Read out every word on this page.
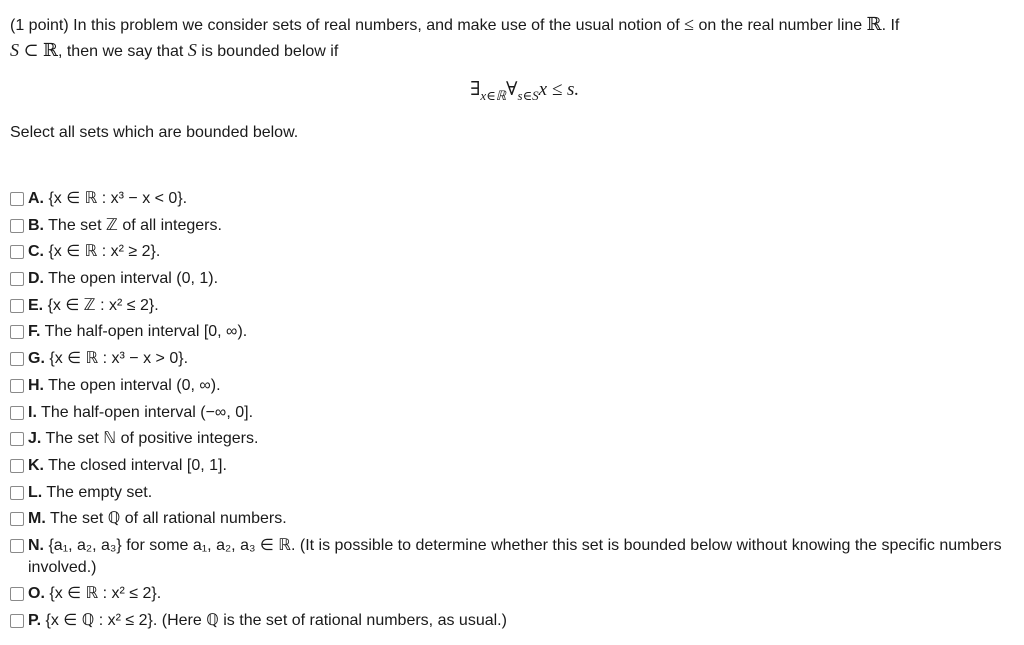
(1 point) In this problem we consider sets of real numbers, and make use of the usual notion of ≤ on the real number line ℝ. If
S ⊂ ℝ, then we say that S is bounded below if
$\exists_{x\in ℝ}\forall_{s\in S}x \le s$.
Select all sets which are bounded below.
A. {x ∈ ℝ : x³ − x < 0}.
B. The set ℤ of all integers.
C. {x ∈ ℝ : x² ≥ 2}.
D. The open interval (0, 1).
E. {x ∈ ℤ : x² ≤ 2}.
F. The half-open interval [0, ∞).
G. {x ∈ ℝ : x³ − x > 0}.
H. The open interval (0, ∞).
I. The half-open interval (−∞, 0].
J. The set ℕ of positive integers.
K. The closed interval [0, 1].
L. The empty set.
M. The set ℚ of all rational numbers.
N. {a₁, a₂, a₃} for some a₁, a₂, a₃ ∈ ℝ. (It is possible to determine whether this set is bounded below without knowing the specific numbers involved.)
O. {x ∈ ℝ : x² ≤ 2}.
P. {x ∈ ℚ : x² ≤ 2}. (Here ℚ is the set of rational numbers, as usual.)
